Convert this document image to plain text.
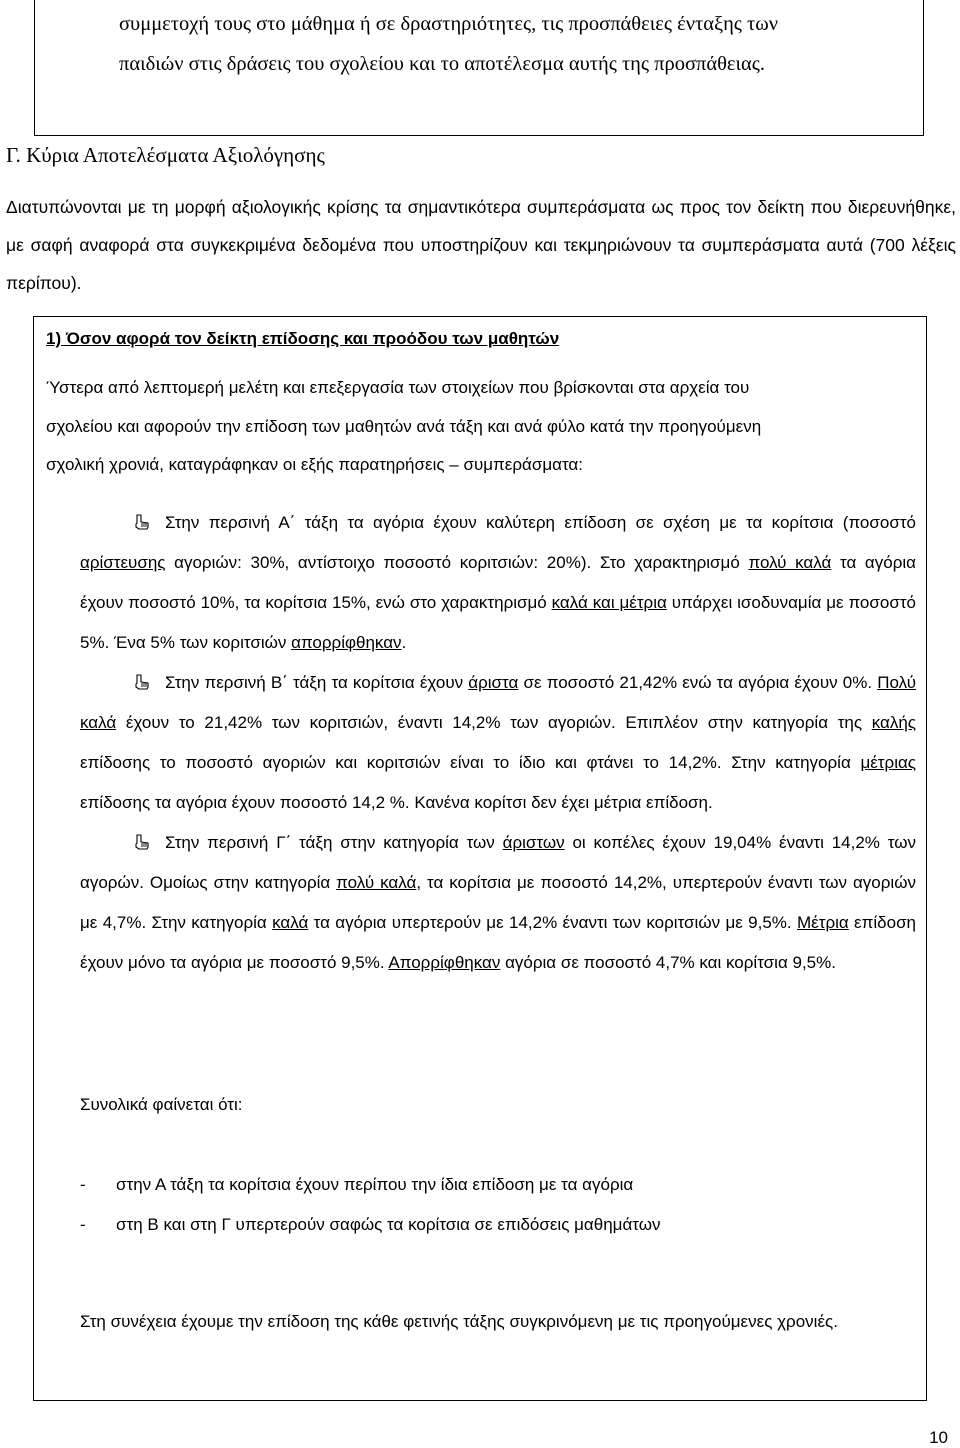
συμμετοχή τους στο μάθημα ή σε δραστηριότητες, τις προσπάθειες ένταξης των

παιδιών στις δράσεις του σχολείου και το αποτέλεσμα αυτής της προσπάθειας.

Γ. Κύρια Αποτελέσματα Αξιολόγησης

Διατυπώνονται με τη μορφή αξιολογικής κρίσης τα σημαντικότερα συμπεράσματα ως προς τον δείκτη που διερευνήθηκε, με σαφή αναφορά στα συγκεκριμένα δεδομένα που υποστηρίζουν και τεκμηριώνουν τα συμπεράσματα αυτά (700 λέξεις περίπου).

1) Όσον αφορά τον δείκτη επίδοσης και προόδου των μαθητών

Ύστερα από λεπτομερή μελέτη και επεξεργασία των στοιχείων που βρίσκονται στα αρχεία του

σχολείου και αφορούν την επίδοση των μαθητών ανά τάξη και ανά φύλο κατά την προηγούμενη

σχολική χρονιά, καταγράφηκαν οι εξής παρατηρήσεις – συμπεράσματα:

Στην περσινή Α΄ τάξη τα αγόρια έχουν καλύτερη επίδοση σε σχέση με τα κορίτσια (ποσοστό αρίστευσης αγοριών: 30%, αντίστοιχο ποσοστό κοριτσιών: 20%). Στο χαρακτηρισμό πολύ καλά τα αγόρια έχουν ποσοστό 10%, τα κορίτσια 15%, ενώ στο χαρακτηρισμό καλά και μέτρια υπάρχει ισοδυναμία με ποσοστό 5%. Ένα 5% των κοριτσιών απορρίφθηκαν.

Στην περσινή Β΄ τάξη τα κορίτσια έχουν άριστα σε ποσοστό 21,42% ενώ τα αγόρια έχουν 0%. Πολύ καλά έχουν το 21,42% των κοριτσιών, έναντι 14,2% των αγοριών. Επιπλέον στην κατηγορία της καλής επίδοσης το ποσοστό αγοριών και κοριτσιών είναι το ίδιο και φτάνει το 14,2%. Στην κατηγορία μέτριας επίδοσης τα αγόρια έχουν ποσοστό 14,2 %. Κανένα κορίτσι δεν έχει μέτρια επίδοση.

Στην περσινή Γ΄ τάξη στην κατηγορία των άριστων οι κοπέλες έχουν 19,04% έναντι 14,2% των αγορών. Ομοίως στην κατηγορία πολύ καλά, τα κορίτσια με ποσοστό 14,2%, υπερτερούν έναντι των αγοριών με 4,7%. Στην κατηγορία καλά τα αγόρια υπερτερούν με 14,2% έναντι των κοριτσιών με 9,5%. Μέτρια επίδοση έχουν μόνο τα αγόρια με ποσοστό 9,5%. Απορρίφθηκαν αγόρια σε ποσοστό 4,7% και κορίτσια 9,5%.

Συνολικά φαίνεται ότι:
- στην Α τάξη τα κορίτσια έχουν περίπου την ίδια επίδοση με τα αγόρια
- στη Β και στη Γ υπερτερούν σαφώς τα κορίτσια σε επιδόσεις μαθημάτων

Στη συνέχεια έχουμε την επίδοση της κάθε φετινής τάξης συγκρινόμενη με τις προηγούμενες χρονιές.

10
